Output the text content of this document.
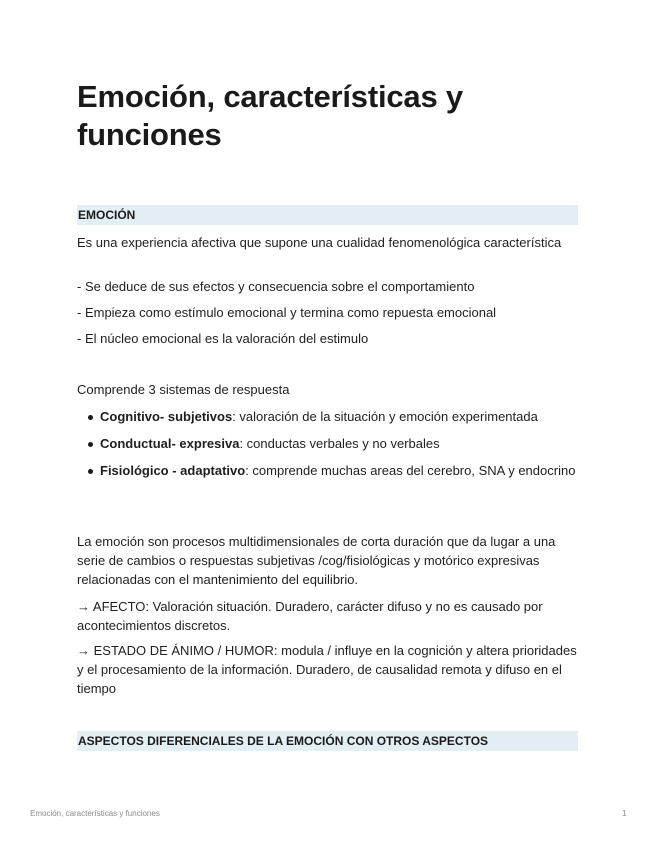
Emoción, características y funciones
EMOCIÓN

Es una experiencia afectiva que supone una cualidad fenomenológica característica

- Se deduce de sus efectos y consecuencia sobre el comportamiento

- Empieza como estímulo emocional y termina como repuesta emocional

- El núcleo emocional es la valoración del estimulo

Comprende 3 sistemas de respuesta

Cognitivo- subjetivos: valoración de la situación y emoción experimentada
Conductual- expresiva: conductas verbales y no verbales
Fisiológico - adaptativo: comprende muchas areas del cerebro, SNA y endocrino

La emoción son procesos multidimensionales de corta duración que da lugar a una serie de cambios o respuestas subjetivas /cog/fisiológicas y motórico expresivas relacionadas con el mantenimiento del equilibrio.

→ AFECTO: Valoración situación. Duradero, carácter difuso y no es causado por acontecimientos discretos.

→ ESTADO DE ÁNIMO / HUMOR: modula / influye en la cognición y altera prioridades y el procesamiento de la información. Duradero, de causalidad remota y difuso en el tiempo

ASPECTOS DIFERENCIALES DE LA EMOCIÓN CON OTROS ASPECTOS
Emoción, características y funciones	1
